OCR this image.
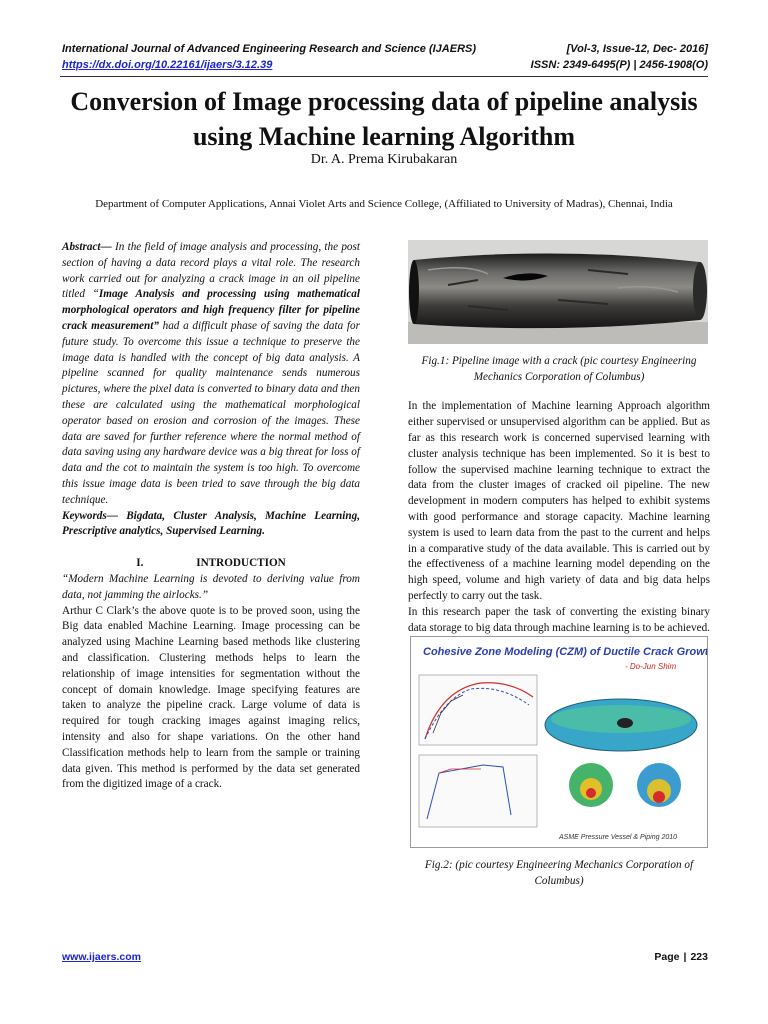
International Journal of Advanced Engineering Research and Science (IJAERS)	[Vol-3, Issue-12, Dec- 2016]
https://dx.doi.org/10.22161/ijaers/3.12.39	ISSN: 2349-6495(P) | 2456-1908(O)
Conversion of Image processing data of pipeline analysis using Machine learning Algorithm
Dr. A. Prema Kirubakaran
Department of Computer Applications, Annai Violet Arts and Science College, (Affiliated to University of Madras), Chennai, India

Abstract— In the field of image analysis and processing, the post section of having a data record plays a vital role. The research work carried out for analyzing a crack image in an oil pipeline titled “Image Analysis and processing using mathematical morphological operators and high frequency filter for pipeline crack measurement” had a difficult phase of saving the data for future study. To overcome this issue a technique to preserve the image data is handled with the concept of big data analysis. A pipeline scanned for quality maintenance sends numerous pictures, where the pixel data is converted to binary data and then these are calculated using the mathematical morphological operator based on erosion and corrosion of the images. These data are saved for further reference where the normal method of data saving using any hardware device was a big threat for loss of data and the cot to maintain the system is too high. To overcome this issue image data is been tried to save through the big data technique.

Keywords— Bigdata, Cluster Analysis, Machine Learning, Prescriptive analytics, Supervised Learning.

I.	INTRODUCTION

“Modern Machine Learning is devoted to deriving value from data, not jamming the airlocks.”

Arthur C Clark’s the above quote is to be proved soon, using the Big data enabled Machine Learning. Image processing can be analyzed using Machine Learning based methods like clustering and classification. Clustering methods helps to learn the relationship of image intensities for segmentation without the concept of domain knowledge. Image specifying features are taken to analyze the pipeline crack. Large volume of data is required for tough cracking images against imaging relics, intensity and also for shape variations. On the other hand Classification methods help to learn from the sample or training data given. This method is performed by the data set generated from the digitized image of a crack.

Fig.1: Pipeline image with a crack (pic courtesy Engineering Mechanics Corporation of Columbus)

In the implementation of Machine learning Approach algorithm either supervised or unsupervised algorithm can be applied. But as far as this research work is concerned supervised learning with cluster analysis technique has been implemented. So it is best to follow the supervised machine learning technique to extract the data from the cluster images of cracked oil pipeline. The new development in modern computers has helped to exhibit systems with good performance and storage capacity. Machine learning system is used to learn data from the past to the current and helps in a comparative study of the data available. This is carried out by the effectiveness of a machine learning model depending on the high speed, volume and high variety of data and big data helps perfectly to carry out the task.

In this research paper the task of converting the existing binary data storage to big data through machine learning is to be achieved.

Cohesive Zone Modeling (CZM) of Ductile Crack Growth
- Do-Jun Shim
ASME Pressure Vessel & Piping 2010

Fig.2: (pic courtesy Engineering Mechanics Corporation of Columbus)

www.ijaers.com	Page | 223
